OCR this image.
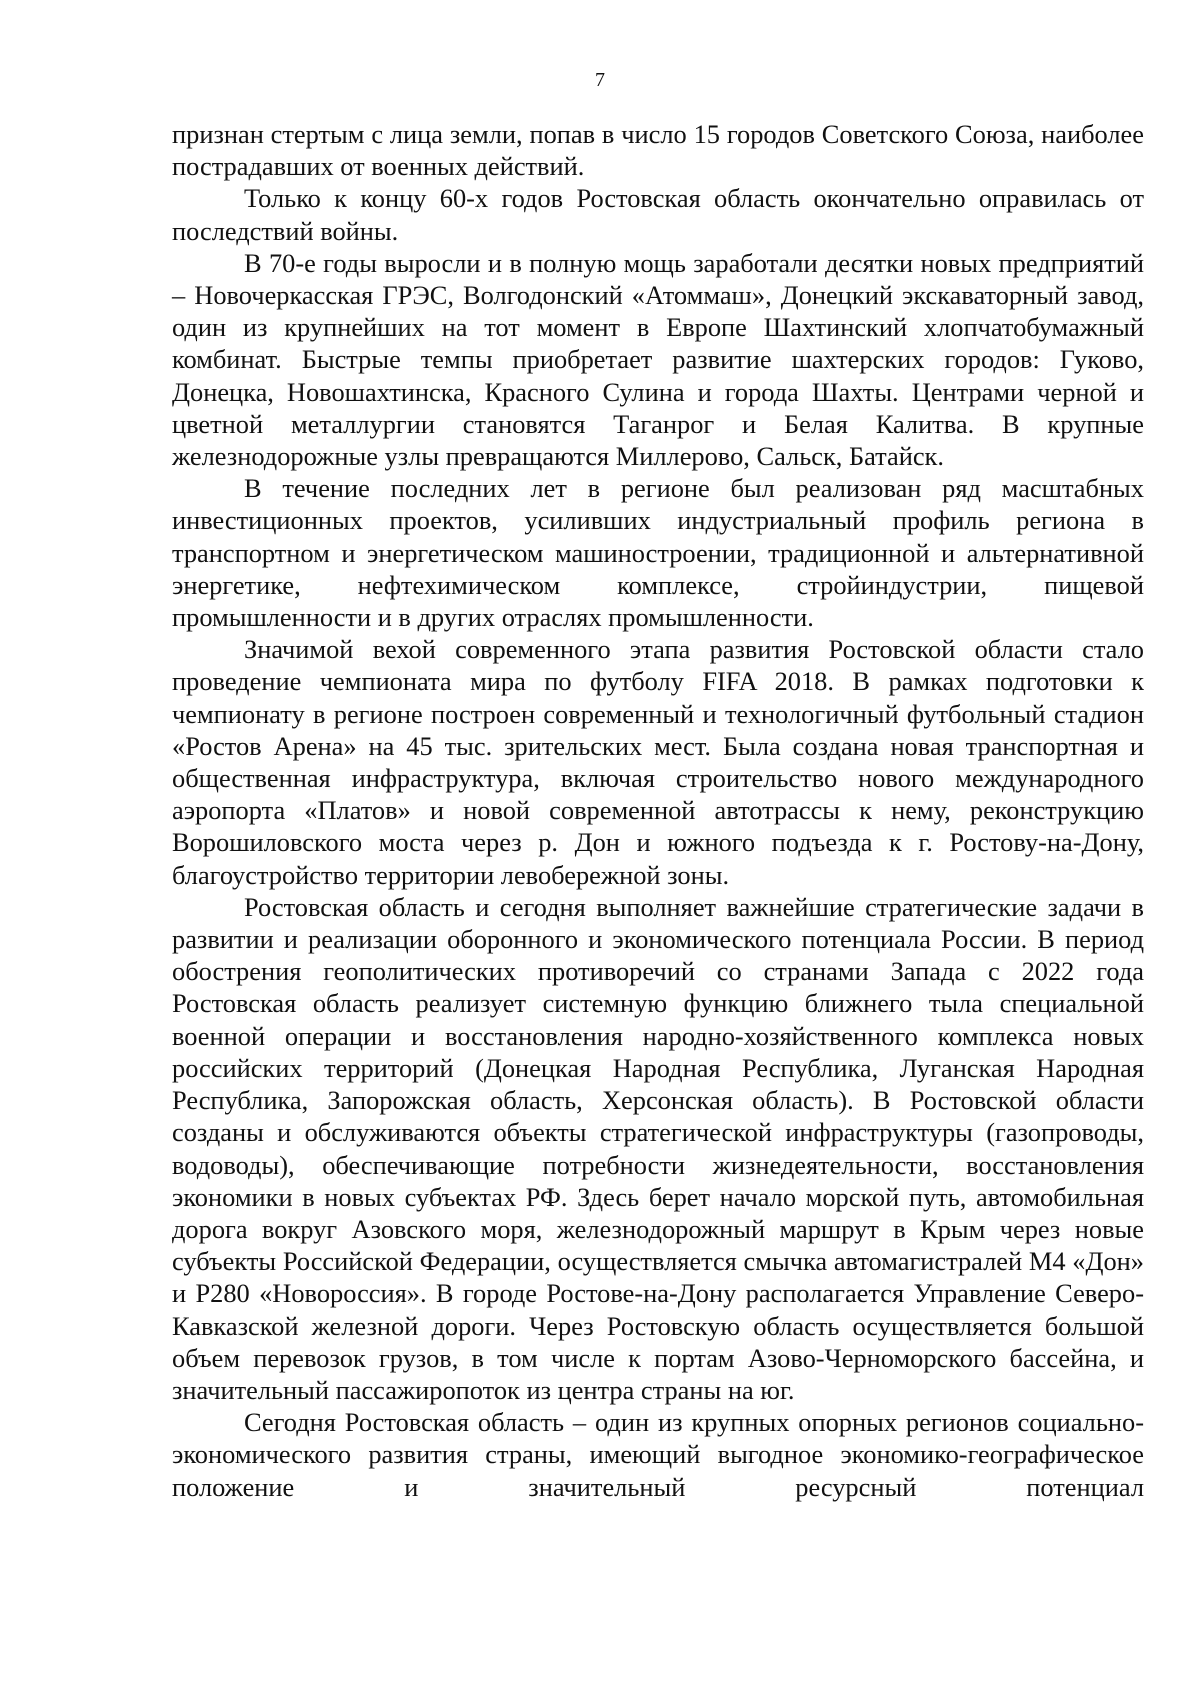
7

признан стертым с лица земли, попав в число 15 городов Советского Союза, наиболее пострадавших от военных действий.

Только к концу 60-х годов Ростовская область окончательно оправилась от последствий войны.

В 70-е годы выросли и в полную мощь заработали десятки новых предприятий – Новочеркасская ГРЭС, Волгодонский «Атоммаш», Донецкий экскаваторный завод, один из крупнейших на тот момент в Европе Шахтинский хлопчатобумажный комбинат. Быстрые темпы приобретает развитие шахтерских городов: Гуково, Донецка, Новошахтинска, Красного Сулина и города Шахты. Центрами черной и цветной металлургии становятся Таганрог и Белая Калитва. В крупные железнодорожные узлы превращаются Миллерово, Сальск, Батайск.

В течение последних лет в регионе был реализован ряд масштабных инвестиционных проектов, усиливших индустриальный профиль региона в транспортном и энергетическом машиностроении, традиционной и альтернативной энергетике, нефтехимическом комплексе, стройиндустрии, пищевой промышленности и в других отраслях промышленности.

Значимой вехой современного этапа развития Ростовской области стало проведение чемпионата мира по футболу FIFA 2018. В рамках подготовки к чемпионату в регионе построен современный и технологичный футбольный стадион «Ростов Арена» на 45 тыс. зрительских мест. Была создана новая транспортная и общественная инфраструктура, включая строительство нового международного аэропорта «Платов» и новой современной автотрассы к нему, реконструкцию Ворошиловского моста через р. Дон и южного подъезда к г. Ростову-на-Дону, благоустройство территории левобережной зоны.

Ростовская область и сегодня выполняет важнейшие стратегические задачи в развитии и реализации оборонного и экономического потенциала России. В период обострения геополитических противоречий со странами Запада с 2022 года Ростовская область реализует системную функцию ближнего тыла специальной военной операции и восстановления народно-хозяйственного комплекса новых российских территорий (Донецкая Народная Республика, Луганская Народная Республика, Запорожская область, Херсонская область). В Ростовской области созданы и обслуживаются объекты стратегической инфраструктуры (газопроводы, водоводы), обеспечивающие потребности жизнедеятельности, восстановления экономики в новых субъектах РФ. Здесь берет начало морской путь, автомобильная дорога вокруг Азовского моря, железнодорожный маршрут в Крым через новые субъекты Российской Федерации, осуществляется смычка автомагистралей М4 «Дон» и Р280 «Новороссия». В городе Ростове-на-Дону располагается Управление Северо-Кавказской железной дороги. Через Ростовскую область осуществляется большой объем перевозок грузов, в том числе к портам Азово-Черноморского бассейна, и значительный пассажиропоток из центра страны на юг.

Сегодня Ростовская область – один из крупных опорных регионов социально-экономического развития страны, имеющий выгодное экономико-географическое положение и значительный ресурсный потенциал
